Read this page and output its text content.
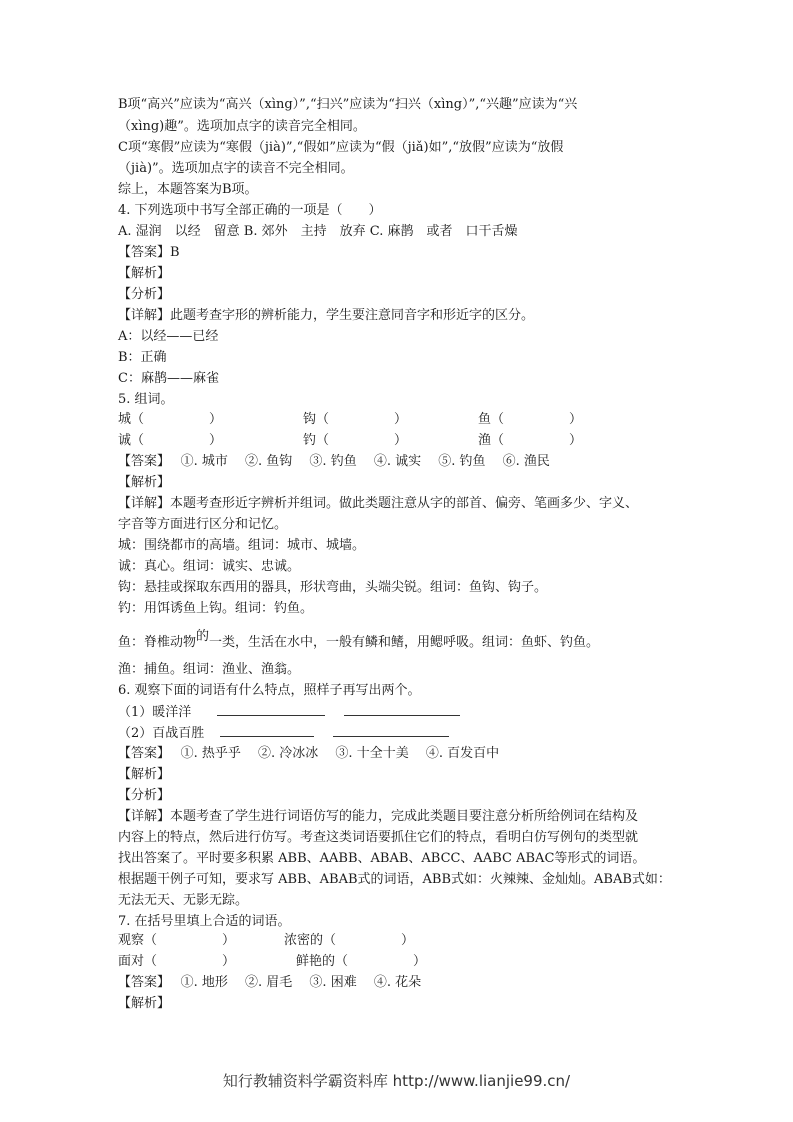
B项“高兴”应读为“高兴（xìng）”,“扫兴”应读为“扫兴（xìng）”,“兴趣”应读为“兴
（xìng)趣”。选项加点字的读音完全相同。
C项“寒假”应读为“寒假（jià)”,“假如”应读为“假（jiǎ)如”,“放假”应读为“放假
（jià)”。选项加点字的读音不完全相同。
综上，本题答案为B项。
4. 下列选项中书写全部正确的一项是（　　）
A. 湿润　以经　留意 B. 郊外　主持　放弃 C. 麻鹊　或者　口干舌燥
【答案】B
【解析】
【分析】
【详解】此题考查字形的辨析能力，学生要注意同音字和形近字的区分。
A：以经——已经
B：正确
C：麻鹊——麻雀
5. 组词。
城（　　　　　）	钩（　　　　　）	鱼（　　　　　）
诚（　　　　　）	钓（　　　　　）	渔（　　　　　）
【答案】　 ①. 城市　 ②. 鱼钩　 ③. 钓鱼　 ④. 诚实　 ⑤. 钓鱼　 ⑥. 渔民
【解析】
【详解】本题考查形近字辨析并组词。做此类题注意从字的部首、偏旁、笔画多少、字义、
字音等方面进行区分和记忆。
城：围绕都市的高墙。组词：城市、城墙。
诚：真心。组词：诚实、忠诚。
钩：悬挂或探取东西用的器具，形状弯曲，头端尖锐。组词：鱼钩、钩子。
钓：用饵诱鱼上钩。组词：钓鱼。
鱼：脊椎动物的一类，生活在水中，一般有鳞和鳍，用鳃呼吸。组词：鱼虾、钓鱼。
渔：捕鱼。组词：渔业、渔翁。
6. 观察下面的词语有什么特点，照样子再写出两个。
（1）暖洋洋
（2）百战百胜
【答案】　 ①. 热乎乎　 ②. 冷冰冰　 ③. 十全十美　 ④. 百发百中
【解析】
【分析】
【详解】本题考查了学生进行词语仿写的能力，完成此类题目要注意分析所给例词在结构及
内容上的特点，然后进行仿写。考查这类词语要抓住它们的特点，看明白仿写例句的类型就
找出答案了。平时要多积累 ABB、AABB、ABAB、ABCC、AABC ABAC等形式的词语。
根据题干例子可知，要求写 ABB、ABAB式的词语，ABB式如：火辣辣、金灿灿。ABAB式如：
无法无天、无影无踪。
7. 在括号里填上合适的词语。
观察（　　　　　）	浓密的（　　　　　）
面对（　　　　　）	鲜艳的（　　　　　）
【答案】　 ①. 地形　 ②. 眉毛　 ③. 困难　 ④. 花朵
【解析】
知行教辅资料学霸资料库 http://www.lianjie99.cn/
